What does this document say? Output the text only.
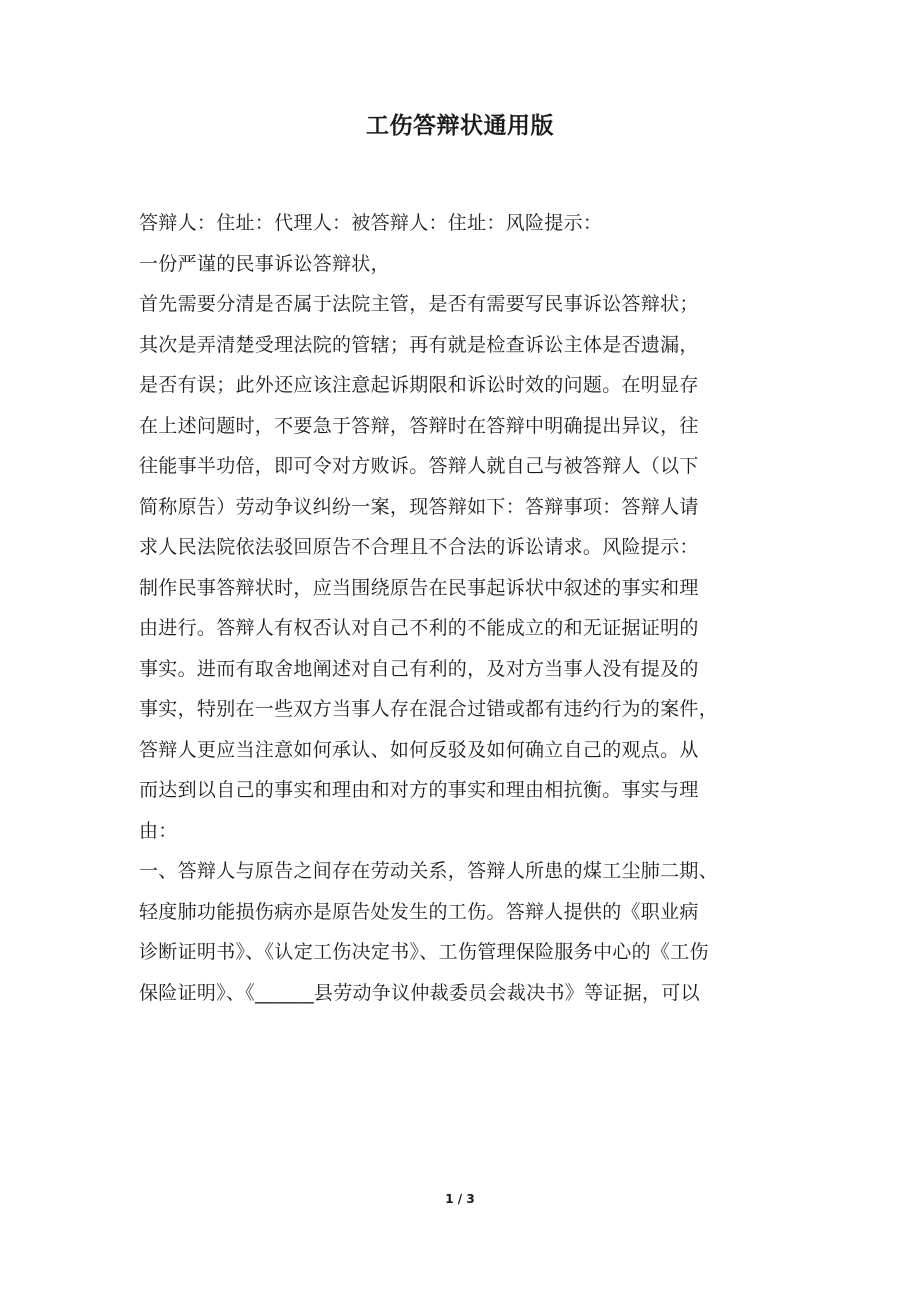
工伤答辩状通用版
答辩人：住址：代理人：被答辩人：住址：风险提示：
一份严谨的民事诉讼答辩状，
首先需要分清是否属于法院主管，是否有需要写民事诉讼答辩状；
其次是弄清楚受理法院的管辖；再有就是检查诉讼主体是否遗漏，
是否有误；此外还应该注意起诉期限和诉讼时效的问题。在明显存
在上述问题时，不要急于答辩，答辩时在答辩中明确提出异议，往
往能事半功倍，即可令对方败诉。答辩人就自己与被答辩人（以下
简称原告）劳动争议纠纷一案，现答辩如下：答辩事项：答辩人请
求人民法院依法驳回原告不合理且不合法的诉讼请求。风险提示：
制作民事答辩状时，应当围绕原告在民事起诉状中叙述的事实和理
由进行。答辩人有权否认对自己不利的不能成立的和无证据证明的
事实。进而有取舍地阐述对自己有利的，及对方当事人没有提及的
事实，特别在一些双方当事人存在混合过错或都有违约行为的案件，
答辩人更应当注意如何承认、如何反驳及如何确立自己的观点。从
而达到以自己的事实和理由和对方的事实和理由相抗衡。事实与理
由：
一、答辩人与原告之间存在劳动关系，答辩人所患的煤工尘肺二期、
轻度肺功能损伤病亦是原告处发生的工伤。答辩人提供的《职业病
诊断证明书》、《认定工伤决定书》、工伤管理保险服务中心的《工伤
保险证明》、《______县劳动争议仲裁委员会裁决书》等证据，可以
1 / 3
